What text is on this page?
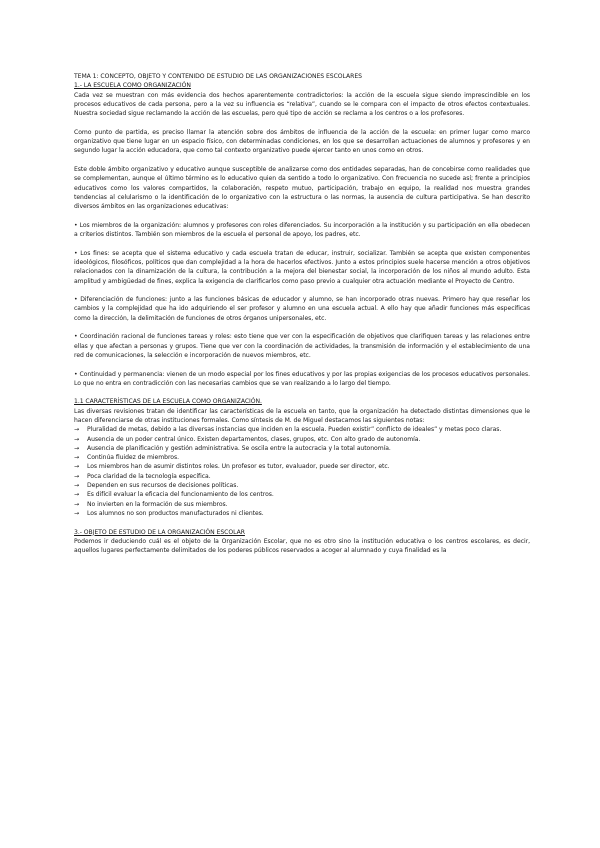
TEMA 1: CONCEPTO, OBJETO Y CONTENIDO DE ESTUDIO DE LAS ORGANIZACIONES ESCOLARES

1.- LA ESCUELA COMO ORGANIZACIÓN

Cada vez se muestran con más evidencia dos hechos aparentemente contradictorios: la acción de la escuela sigue siendo imprescindible en los procesos educativos de cada persona, pero a la vez su influencia es “relativa”, cuando se le compara con el impacto de otros efectos contextuales. Nuestra sociedad sigue reclamando la acción de las escuelas, pero qué tipo de acción se reclama a los centros o a los profesores.

Como punto de partida, es preciso llamar la atención sobre dos ámbitos de influencia de la acción de la escuela: en primer lugar como marco organizativo que tiene lugar en un espacio físico, con determinadas condiciones, en los que se desarrollan actuaciones de alumnos y profesores y en segundo lugar la acción educadora, que como tal contexto organizativo puede ejercer tanto en unos como en otros.

Este doble ámbito organizativo y educativo aunque susceptible de analizarse como dos entidades separadas, han de concebirse como realidades que se complementan, aunque el último término es lo educativo quien da sentido a todo lo organizativo. Con frecuencia no sucede así; frente a principios educativos como los valores compartidos, la colaboración, respeto mutuo, participación, trabajo en equipo, la realidad nos muestra grandes tendencias al celularismo o la identificación de lo organizativo con la estructura o las normas, la ausencia de cultura participativa. Se han descrito diversos ámbitos en las organizaciones educativas:

• Los miembros de la organización: alumnos y profesores con roles diferenciados. Su incorporación a la institución y su participación en ella obedecen a criterios distintos. También son miembros de la escuela el personal de apoyo, los padres, etc.

• Los fines: se acepta que el sistema educativo y cada escuela tratan de educar, instruir, socializar. También se acepta que existen componentes ideológicos, filosóficos, políticos que dan complejidad a la hora de hacerlos efectivos. Junto a estos principios suele hacerse mención a otros objetivos relacionados con la dinamización de la cultura, la contribución a la mejora del bienestar social, la incorporación de los niños al mundo adulto. Esta amplitud y ambigüedad de fines, explica la exigencia de clarificarlos como paso previo a cualquier otra actuación mediante el Proyecto de Centro.

• Diferenciación de funciones: junto a las funciones básicas de educador y alumno, se han incorporado otras nuevas. Primero hay que reseñar los cambios y la complejidad que ha ido adquiriendo el ser profesor y alumno en una escuela actual. A ello hay que añadir funciones más específicas como la dirección, la delimitación de funciones de otros órganos unipersonales, etc.

• Coordinación racional de funciones tareas y roles: esto tiene que ver con la especificación de objetivos que clarifiquen tareas y las relaciones entre ellas y que afectan a personas y grupos. Tiene que ver con la coordinación de actividades, la transmisión de información y el establecimiento de una red de comunicaciones, la selección e incorporación de nuevos miembros, etc.

• Continuidad y permanencia: vienen de un modo especial por los fines educativos y por las propias exigencias de los procesos educativos personales. Lo que no entra en contradicción con las necesarias cambios que se van realizando a lo largo del tiempo.

1.1 CARACTERÍSTICAS DE LA ESCUELA COMO ORGANIZACIÓN.

Las diversas revisiones tratan de identificar las características de la escuela en tanto, que la organización ha detectado distintas dimensiones que le hacen diferenciarse de otras instituciones formales. Como síntesis de M. de Miguel destacamos las siguientes notas:

→ Pluralidad de metas, debido a las diversas instancias que inciden en la escuela. Pueden existir” conflicto de ideales” y metas poco claras.
→ Ausencia de un poder central único. Existen departamentos, clases, grupos, etc. Con alto grado de autonomía.
→ Ausencia de planificación y gestión administrativa. Se oscila entre la autocracia y la total autonomía.
→ Continúa fluidez de miembros.
→ Los miembros han de asumir distintos roles. Un profesor es tutor, evaluador, puede ser director, etc.
→ Poca claridad de la tecnología específica.
→ Dependen en sus recursos de decisiones políticas.
→ Es difícil evaluar la eficacia del funcionamiento de los centros.
→ No invierten en la formación de sus miembros.
→ Los alumnos no son productos manufacturados ni clientes.

3.- OBJETO DE ESTUDIO DE LA ORGANIZACIÓN ESCOLAR

Podemos ir deduciendo cuál es el objeto de la Organización Escolar, que no es otro sino la institución educativa o los centros escolares, es decir, aquellos lugares perfectamente delimitados de los poderes públicos reservados a acoger al alumnado y cuya finalidad es la
